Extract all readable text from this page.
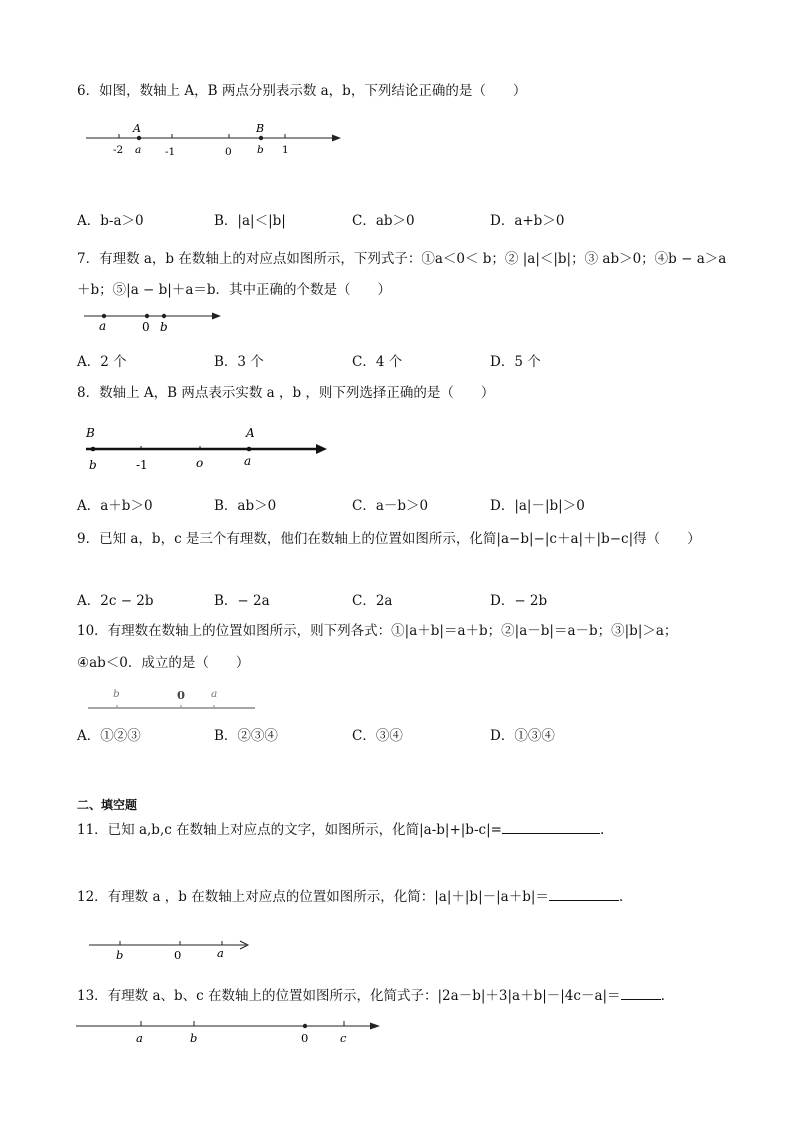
6．如图，数轴上 A，B 两点分别表示数 a，b，下列结论正确的是（　　）
A	B
-2 a -1	0 b 1
A．b-a＞0	B．|a|＜|b|	C．ab＞0	D．a+b＞0
7．有理数 a，b 在数轴上的对应点如图所示，下列式子：①a＜0＜ b；② |a|＜|b|；③ ab＞0；④b − a＞a
＋b；⑤|a − b|＋a＝b．其中正确的个数是（　　）
a	0 b
A．2 个	B．3 个	C．4 个	D．5 个
8．数轴上 A，B 两点表示实数 a ，b ，则下列选择正确的是（　　）
B	A
b	-1	o	a
A．a＋b＞0	B．ab＞0	C．a－b＞0	D．|a|－|b|＞0
9．已知 a，b，c 是三个有理数，他们在数轴上的位置如图所示，化简|a−b|−|c＋a|＋|b−c|得（　　）
A．2c − 2b	B．− 2a	C．2a	D．− 2b
10．有理数在数轴上的位置如图所示，则下列各式：①|a＋b|＝a＋b；②|a－b|＝a－b；③|b|＞a；
④ab＜0．成立的是（　　）
b	0 a
A．①②③	B．②③④	C．③④	D．①③④
二、填空题
11．已知 a,b,c 在数轴上对应点的文字，如图所示，化简|a-b|+|b-c|=	.
12．有理数 a ，b 在数轴上对应点的位置如图所示，化简：|a|＋|b|－|a＋b|＝	.
b	0	a
13．有理数 a、b、c 在数轴上的位置如图所示，化简式子：|2a－b|＋3|a＋b|－|4c－a|＝	.
a	b	0	c
